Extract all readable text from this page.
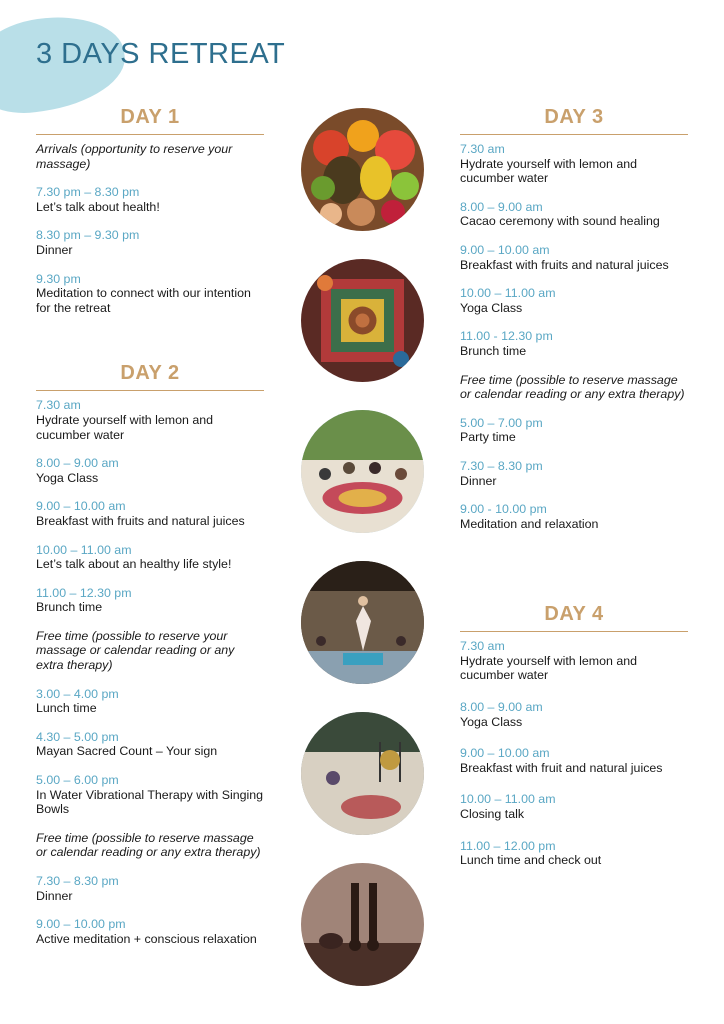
3 DAYS RETREAT
DAY 1
Arrivals (opportunity to reserve your massage)
7.30 pm – 8.30 pm
Let’s talk about health!
8.30 pm – 9.30 pm
Dinner
9.30 pm
Meditation to connect with our intention for the retreat
DAY 2
7.30 am
Hydrate yourself with lemon and cucumber water
8.00 – 9.00 am
Yoga Class
9.00 – 10.00 am
Breakfast with fruits and natural juices
10.00 – 11.00 am
Let’s talk about an healthy life style!
11.00 – 12.30 pm
Brunch time
Free time (possible to reserve your massage or calendar reading or any extra therapy)
3.00 – 4.00 pm
Lunch time
4.30 – 5.00 pm
Mayan Sacred Count – Your sign
5.00 – 6.00 pm
In Water Vibrational Therapy with Singing Bowls
Free time (possible to reserve massage or calendar reading or any extra therapy)
7.30 – 8.30 pm
Dinner
9.00 – 10.00 pm
Active meditation + conscious relaxation
DAY 3
7.30 am
Hydrate yourself with lemon and cucumber water
8.00 – 9.00 am
Cacao ceremony with sound healing
9.00 – 10.00 am
Breakfast with fruits and natural juices
10.00 – 11.00 am
Yoga Class
11.00 - 12.30 pm
Brunch time
Free time (possible to reserve massage or calendar reading or any extra therapy)
5.00 – 7.00 pm
Party time
7.30 – 8.30 pm
Dinner
9.00 - 10.00 pm
Meditation and relaxation
DAY 4
7.30 am
Hydrate yourself with lemon and cucumber water
8.00 – 9.00 am
Yoga Class
9.00 – 10.00 am
Breakfast with fruit and natural juices
10.00 – 11.00 am
Closing talk
11.00 – 12.00 pm
Lunch time and check out
